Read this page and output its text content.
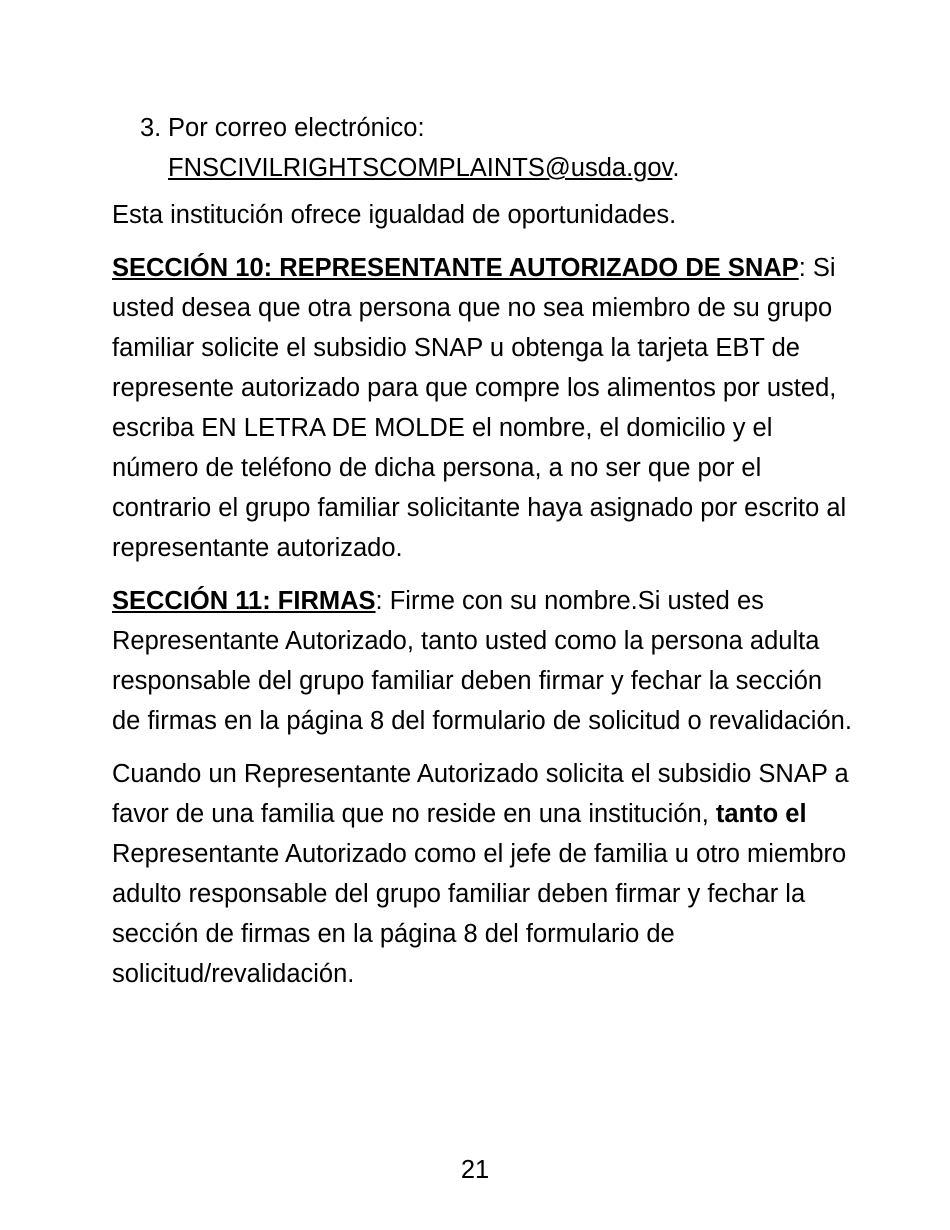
3. Por correo electrónico:
FNSCIVILRIGHTSCOMPLAINTS@usda.gov.

Esta institución ofrece igualdad de oportunidades.

SECCIÓN 10: REPRESENTANTE AUTORIZADO DE SNAP: Si usted desea que otra persona que no sea miembro de su grupo familiar solicite el subsidio SNAP u obtenga la tarjeta EBT de represente autorizado para que compre los alimentos por usted, escriba EN LETRA DE MOLDE el nombre, el domicilio y el número de teléfono de dicha persona, a no ser que por el contrario el grupo familiar solicitante haya asignado por escrito al representante autorizado.

SECCIÓN 11: FIRMAS: Firme con su nombre.Si usted es Representante Autorizado, tanto usted como la persona adulta responsable del grupo familiar deben firmar y fechar la sección de firmas en la página 8 del formulario de solicitud o revalidación.

Cuando un Representante Autorizado solicita el subsidio SNAP a favor de una familia que no reside en una institución, tanto el Representante Autorizado como el jefe de familia u otro miembro adulto responsable del grupo familiar deben firmar y fechar la sección de firmas en la página 8 del formulario de solicitud/revalidación.

21
